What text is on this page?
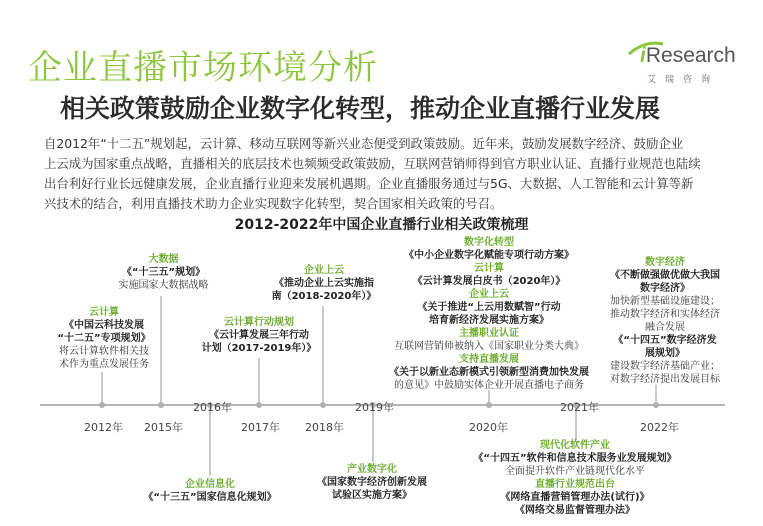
企业直播市场环境分析	iResearch
艾瑞咨询
相关政策鼓励企业数字化转型，推动企业直播行业发展
自2012年“十二五”规划起，云计算、移动互联网等新兴业态便受到政策鼓励。近年来，鼓励发展数字经济、鼓励企业
上云成为国家重点战略，直播相关的底层技术也频频受政策鼓励，互联网营销师得到官方职业认证、直播行业规范也陆续
出台利好行业长远健康发展，企业直播行业迎来发展机遇期。企业直播服务通过与5G、大数据、人工智能和云计算等新
兴技术的结合，利用直播技术助力企业实现数字化转型，契合国家相关政策的号召。
2012-2022年中国企业直播行业相关政策梳理
2012年 2015年
2016年
2017年 2018年
2019年
2020年
2021年
2022年
云计算
《中国云科技发展
“十二五”专项规划》
将云计算软件相关技
术作为重点发展任务
大数据
《“十三五”规划》
实施国家大数据战略
云计算行动规划
《云计算发展三年行动
计划（2017-2019年）》
企业上云
《推动企业上云实施指
南（2018-2020年）》
数字化转型
《中小企业数字化赋能专项行动方案》
云计算
《云计算发展白皮书（2020年）》
企业上云
《关于推进“上云用数赋智”行动
培育新经济发展实施方案》
主播职业认证
互联网营销师被纳入《国家职业分类大典》
支持直播发展
《关于以新业态新模式引领新型消费加快发展
的意见》中鼓励实体企业开展直播电子商务
数字经济
《不断做强做优做大我国
数字经济》
加快新型基础设施建设；
推动数字经济和实体经济
融合发展
《“十四五”数字经济发
展规划》
建设数字经济基础产业；
对数字经济提出发展目标
企业信息化
《“十三五”国家信息化规划》
产业数字化
《国家数字经济创新发展
试验区实施方案》
现代化软件产业
《“十四五”软件和信息技术服务业发展规划》
全面提升软件产业链现代化水平
直播行业规范出台
《网络直播营销管理办法(试行)》
《网络交易监督管理办法》
